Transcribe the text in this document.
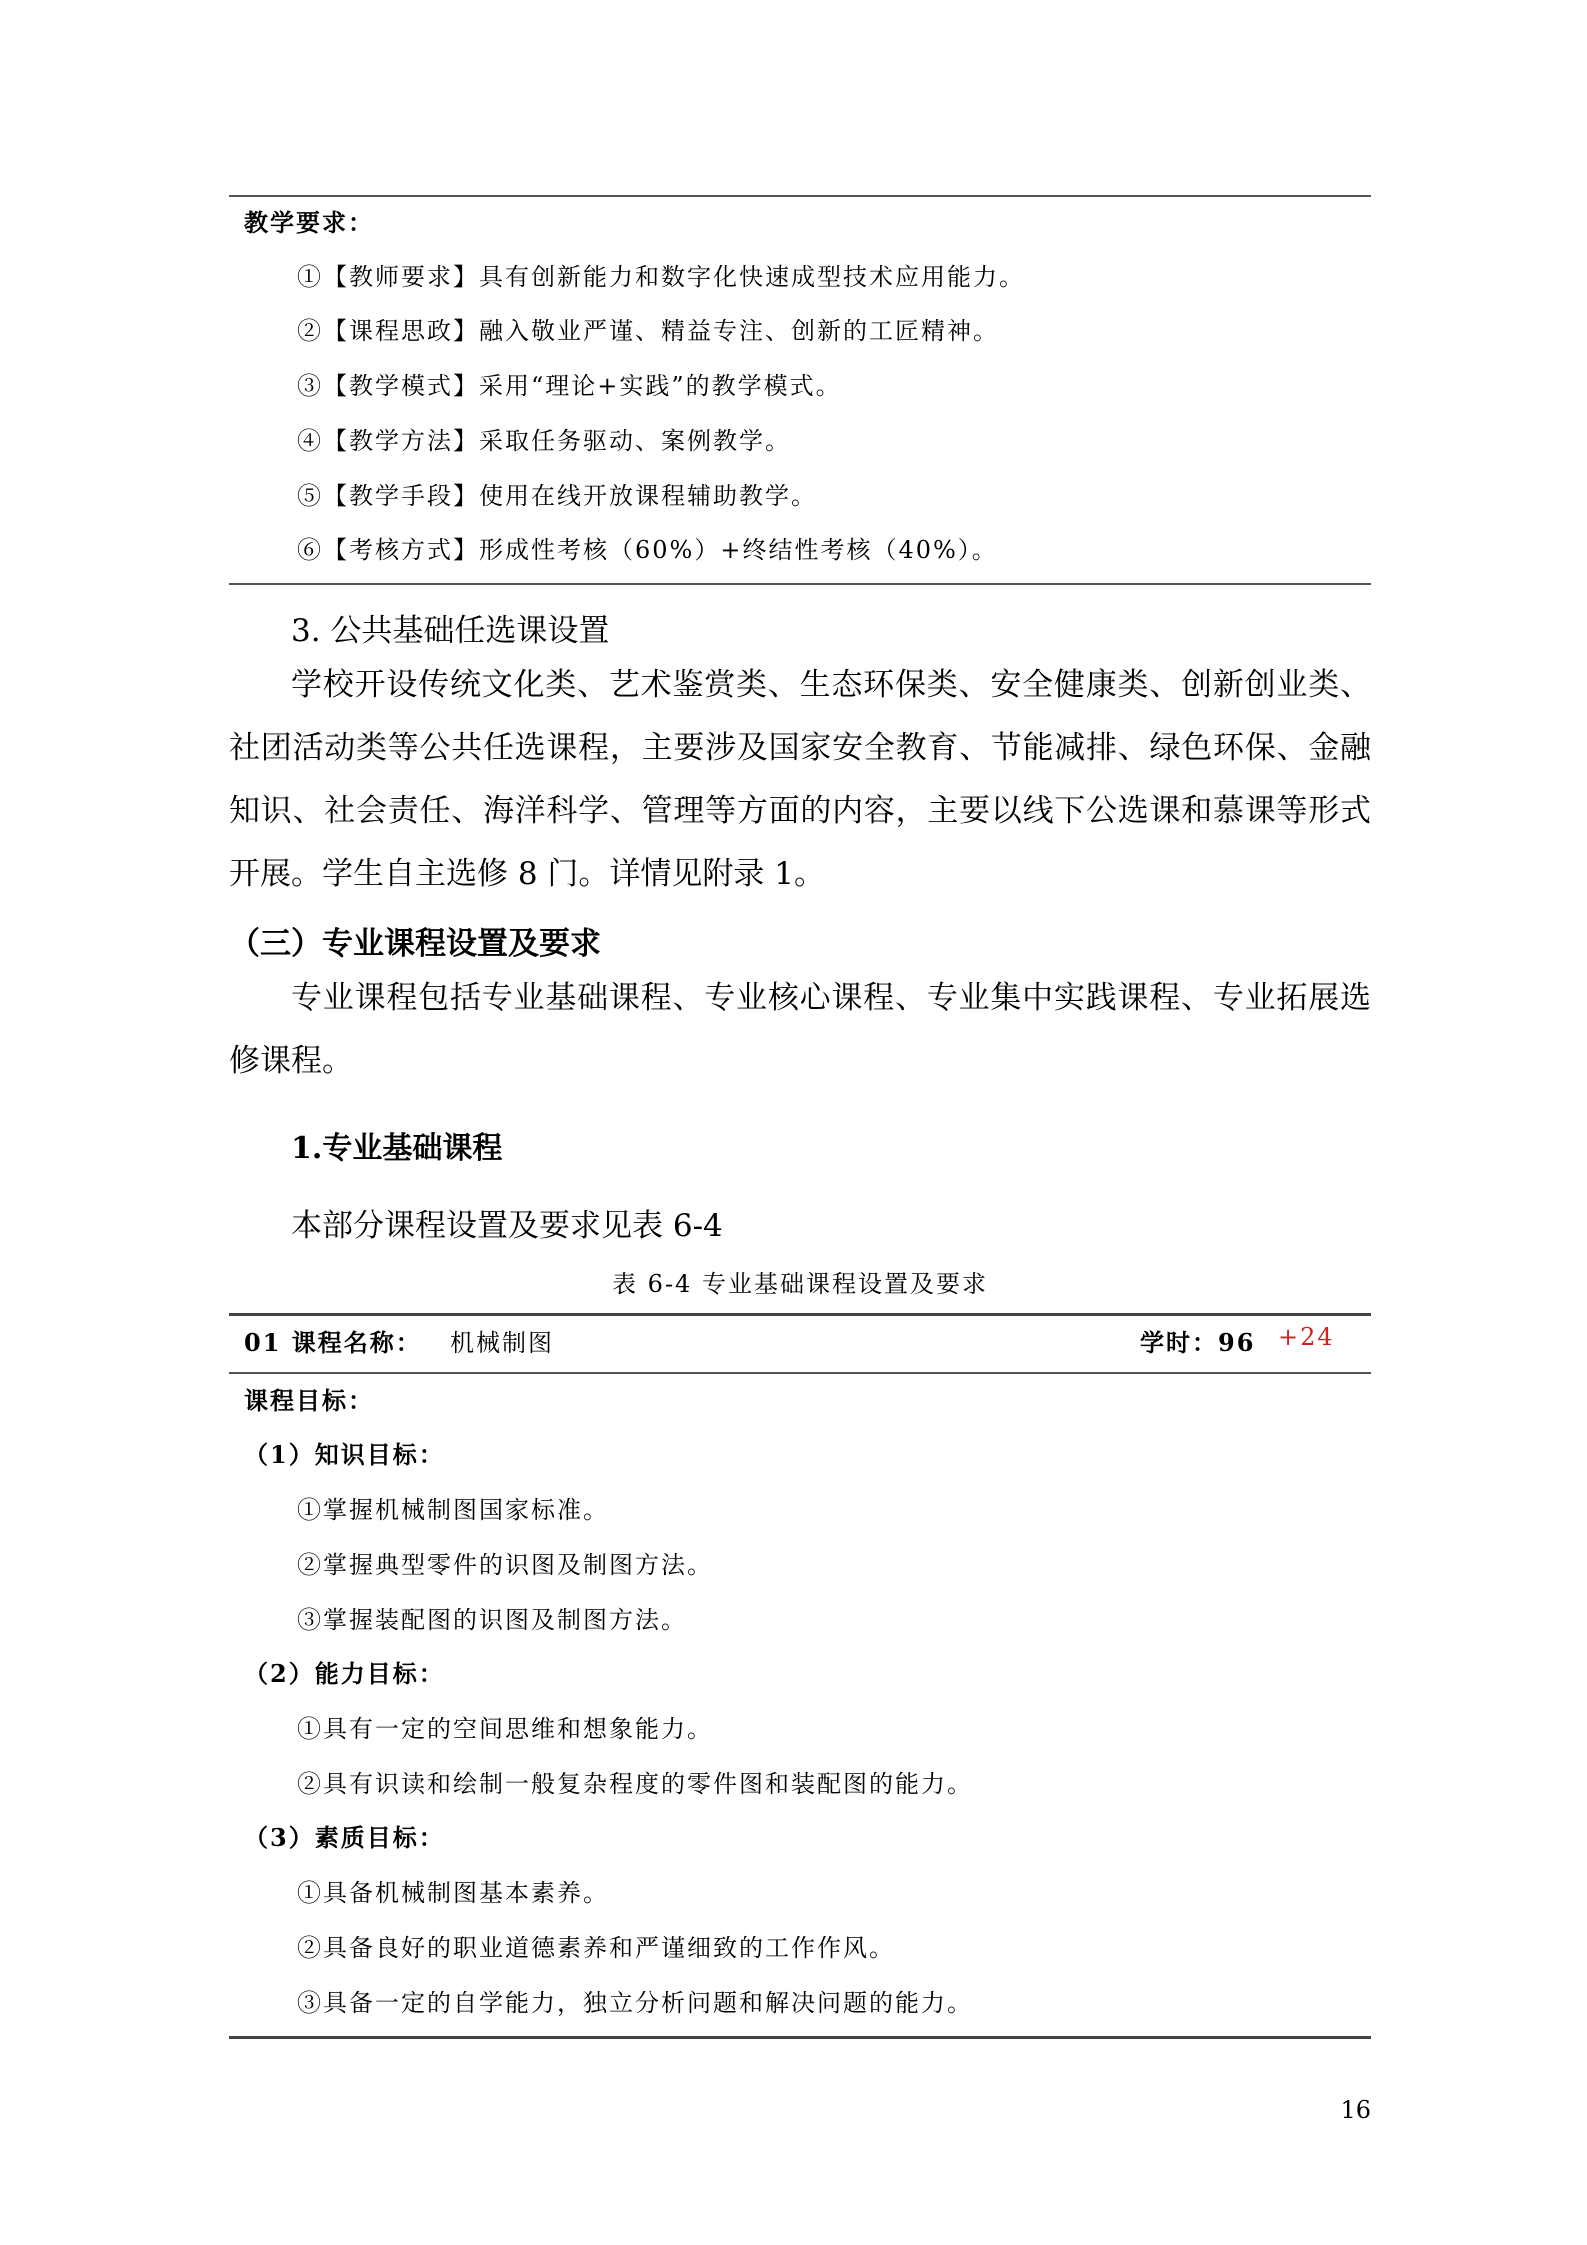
教学要求：
①【教师要求】具有创新能力和数字化快速成型技术应用能力。
②【课程思政】融入敬业严谨、精益专注、创新的工匠精神。
③【教学模式】采用“理论+实践”的教学模式。
④【教学方法】采取任务驱动、案例教学。
⑤【教学手段】使用在线开放课程辅助教学。
⑥【考核方式】形成性考核（60%）+终结性考核（40%）。
3. 公共基础任选课设置

学校开设传统文化类、艺术鉴赏类、生态环保类、安全健康类、创新创业类、社团活动类等公共任选课程，主要涉及国家安全教育、节能减排、绿色环保、金融知识、社会责任、海洋科学、管理等方面的内容，主要以线下公选课和慕课等形式开展。学生自主选修 8 门。详情见附录 1。

（三）专业课程设置及要求

专业课程包括专业基础课程、专业核心课程、专业集中实践课程、专业拓展选修课程。

1.专业基础课程
本部分课程设置及要求见表 6-4
表 6-4 专业基础课程设置及要求
01 课程名称： 机械制图	学时：96 +24
课程目标：
（1）知识目标：
①掌握机械制图国家标准。
②掌握典型零件的识图及制图方法。
③掌握装配图的识图及制图方法。
（2）能力目标：
①具有一定的空间思维和想象能力。
②具有识读和绘制一般复杂程度的零件图和装配图的能力。
（3）素质目标：
①具备机械制图基本素养。
②具备良好的职业道德素养和严谨细致的工作作风。
③具备一定的自学能力，独立分析问题和解决问题的能力。
16
